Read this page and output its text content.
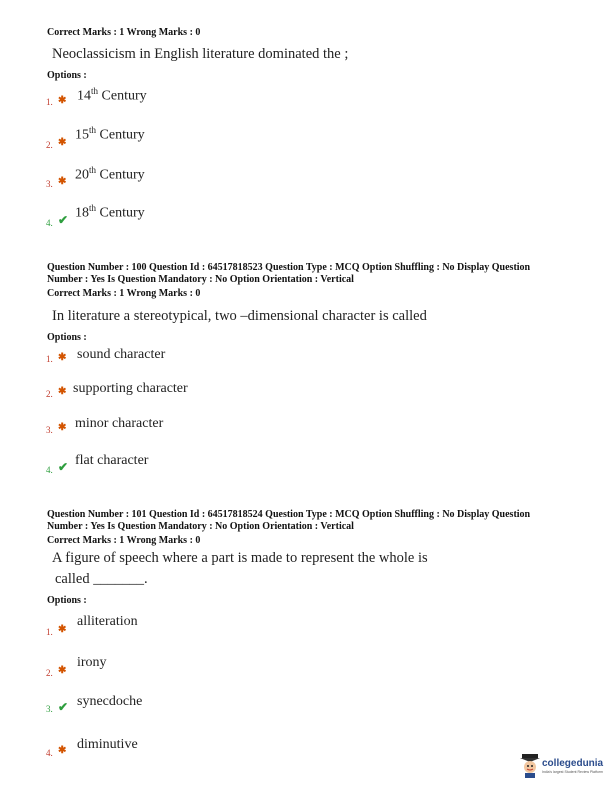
Correct Marks : 1 Wrong Marks : 0
Neoclassicism in English literature dominated the ;
Options :
1. ✱ 14th Century
2. ✱ 15th Century
3. ✱ 20th Century
4. ✔ 18th Century
Question Number : 100 Question Id : 64517818523 Question Type : MCQ Option Shuffling : No Display Question
Number : Yes Is Question Mandatory : No Option Orientation : Vertical
Correct Marks : 1 Wrong Marks : 0
In literature a stereotypical, two –dimensional character is called
Options :
1. ✱ sound character
2. ✱ supporting character
3. ✱ minor character
4. ✔ flat character
Question Number : 101 Question Id : 64517818524 Question Type : MCQ Option Shuffling : No Display Question
Number : Yes Is Question Mandatory : No Option Orientation : Vertical
Correct Marks : 1 Wrong Marks : 0
A figure of speech where a part is made to represent the whole is
called _______.
Options :
1. ✱
alliteration
2. ✱
irony
3. ✔ synecdoche
4. ✱ diminutive
collegedunia
India's largest Student Review Platform
